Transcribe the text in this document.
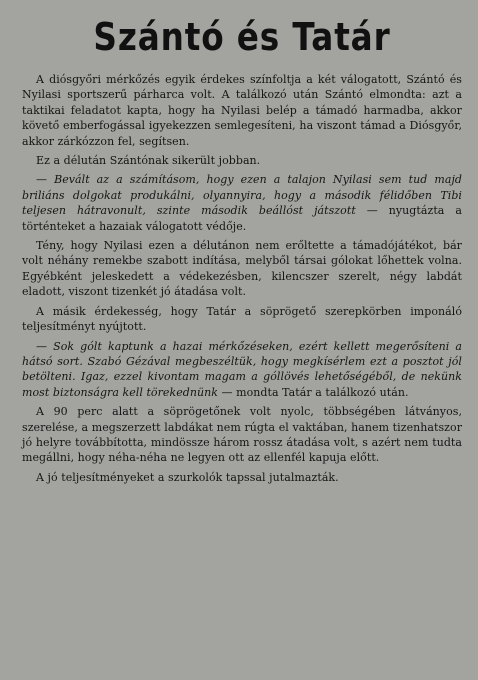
Szántó és Tatár

A diósgyőri mérkőzés egyik érdekes színfoltja a két válogatott, Szántó és Nyilasi sportszerű párharca volt. A találkozó után Szántó elmondta: azt a taktikai feladatot kapta, hogy ha Nyilasi belép a támadó harmadba, akkor követő emberfogással igyekezzen semlegesíteni, ha viszont támad a Diósgyőr, akkor zárkózzon fel, segítsen.

Ez a délután Szántónak sikerült jobban.

— Bevált az a számításom, hogy ezen a talajon Nyilasi sem tud majd briliáns dolgokat produkálni, olyannyira, hogy a második félidőben Tibi teljesen hátravonult, szinte második beállóst játszott — nyugtázta a történteket a hazaiak válogatott védője.

Tény, hogy Nyilasi ezen a délutánon nem erőltette a támadójátékot, bár volt néhány remekbe szabott indítása, melyből társai gólokat lőhettek volna. Egyébként jeleskedett a védekezésben, kilencszer szerelt, négy labdát eladott, viszont tizenkét jó átadása volt.

A másik érdekesség, hogy Tatár a söprögető szerepkörben imponáló teljesítményt nyújtott.

— Sok gólt kaptunk a hazai mérkőzéseken, ezért kellett megerősíteni a hátsó sort. Szabó Gézával megbeszéltük, hogy megkísérlem ezt a posztot jól betölteni. Igaz, ezzel kivontam magam a góllövés lehetőségéből, de nekünk most biztonságra kell törekednünk — mondta Tatár a találkozó után.

A 90 perc alatt a söprögetőnek volt nyolc, többségében látványos, szerelése, a megszerzett labdákat nem rúgta el vaktában, hanem tizenhatszor jó helyre továbbította, mindössze három rossz átadása volt, s azért nem tudta megállni, hogy néha-néha ne legyen ott az ellenfél kapuja előtt.

A jó teljesítményeket a szurkolók tapssal jutalmazták.
